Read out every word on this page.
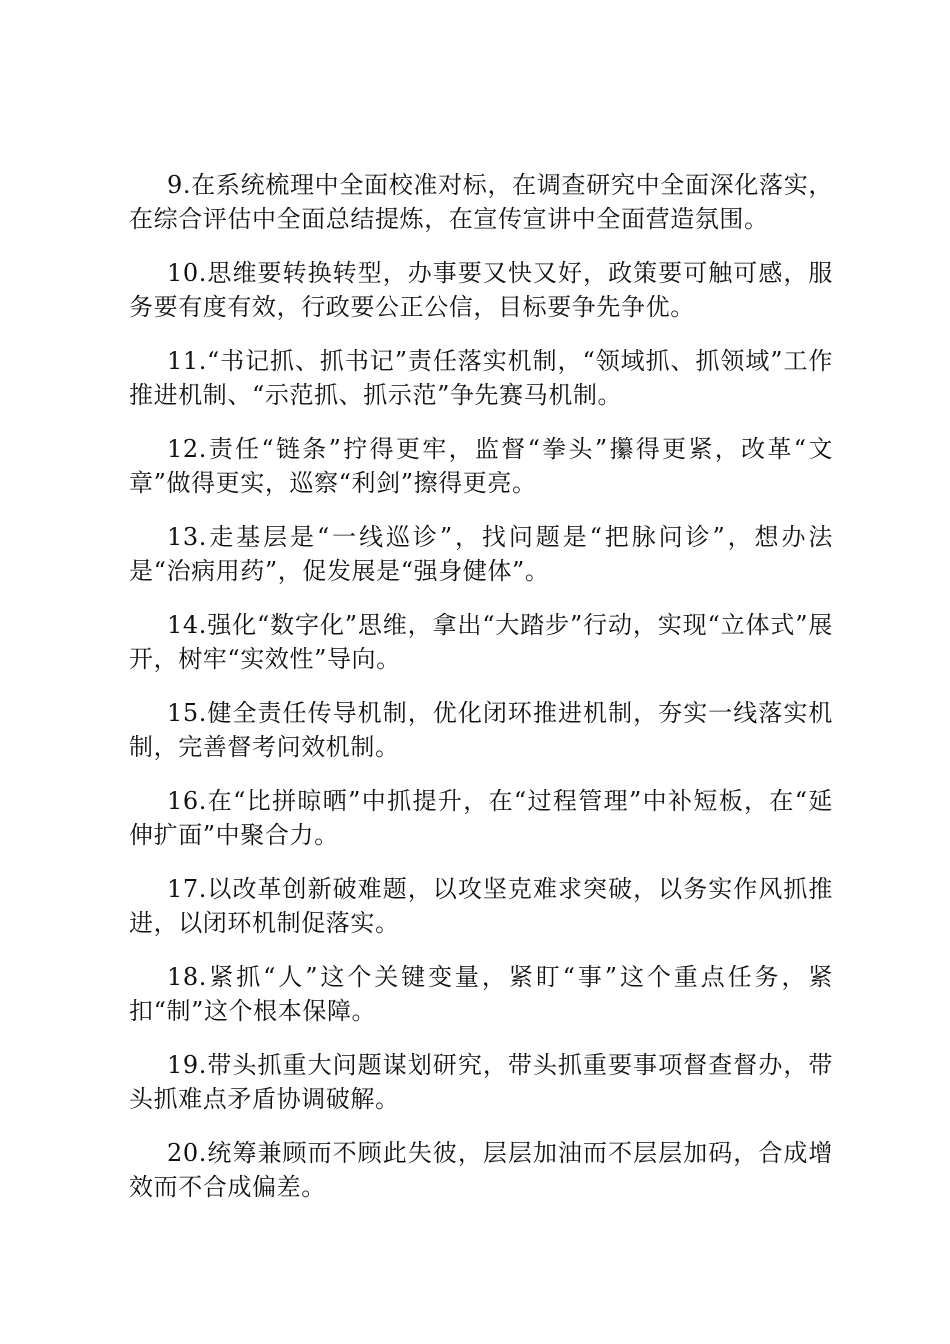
9.在系统梳理中全面校准对标，在调查研究中全面深化落实，在综合评估中全面总结提炼，在宣传宣讲中全面营造氛围。

10.思维要转换转型，办事要又快又好，政策要可触可感，服务要有度有效，行政要公正公信，目标要争先争优。

11.“书记抓、抓书记”责任落实机制，“领域抓、抓领域”工作推进机制、“示范抓、抓示范”争先赛马机制。

12.责任“链条”拧得更牢，监督“拳头”攥得更紧，改革“文章”做得更实，巡察“利剑”擦得更亮。

13.走基层是“一线巡诊”，找问题是“把脉问诊”，想办法是“治病用药”，促发展是“强身健体”。

14.强化“数字化”思维，拿出“大踏步”行动，实现“立体式”展开，树牢“实效性”导向。

15.健全责任传导机制，优化闭环推进机制，夯实一线落实机制，完善督考问效机制。

16.在“比拼晾晒”中抓提升，在“过程管理”中补短板，在“延伸扩面”中聚合力。

17.以改革创新破难题，以攻坚克难求突破，以务实作风抓推进，以闭环机制促落实。

18.紧抓“人”这个关键变量，紧盯“事”这个重点任务，紧扣“制”这个根本保障。

19.带头抓重大问题谋划研究，带头抓重要事项督查督办，带头抓难点矛盾协调破解。

20.统筹兼顾而不顾此失彼，层层加油而不层层加码，合成增效而不合成偏差。
